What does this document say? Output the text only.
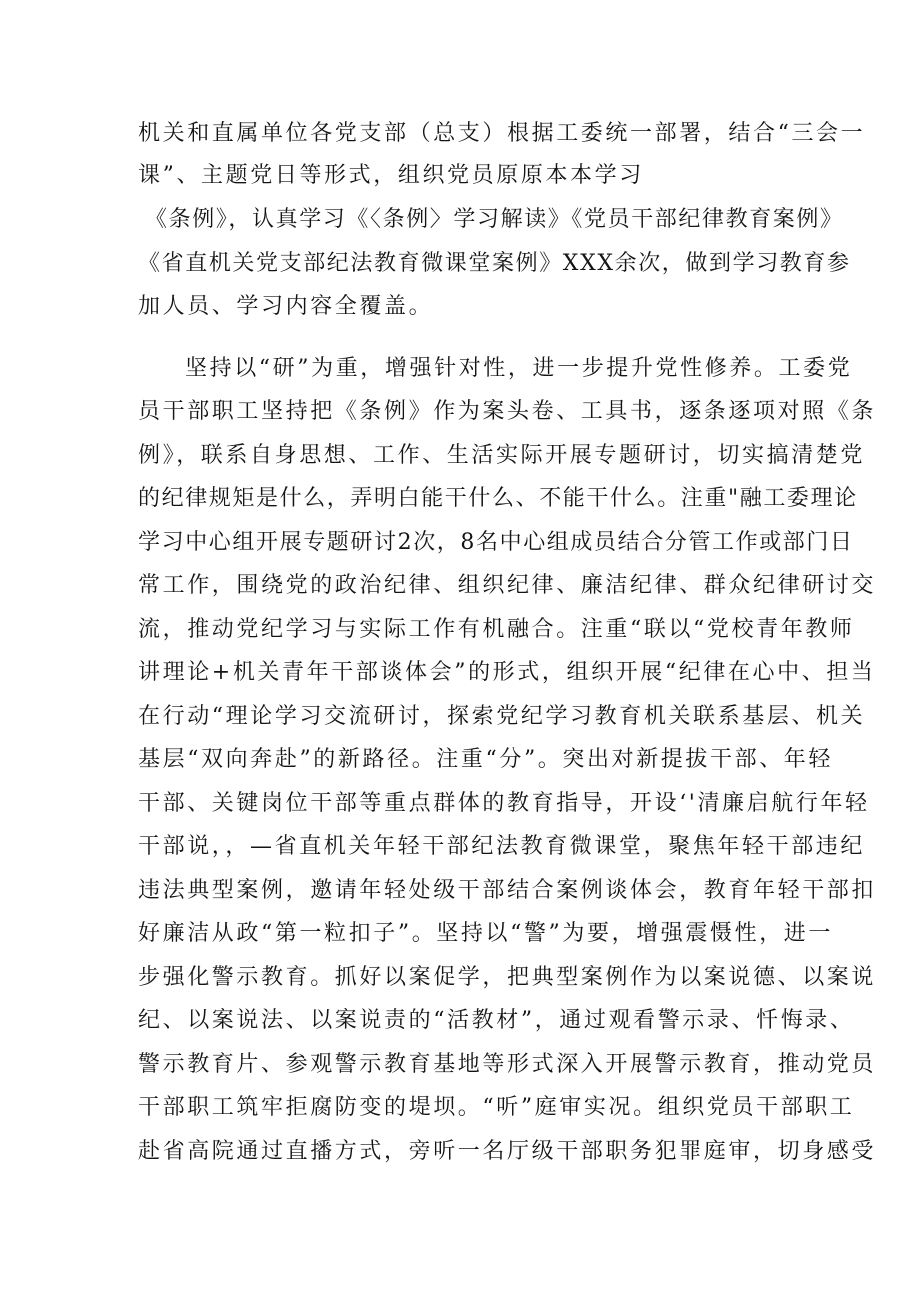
机关和直属单位各党支部（总支）根据工委统一部署，结合“三会一
课”、主题党日等形式，组织党员原原本本学习
《条例》，认真学习《〈条例〉学习解读》《党员干部纪律教育案例》
《省直机关党支部纪法教育微课堂案例》XXX余次，做到学习教育参
加人员、学习内容全覆盖。
坚持以“研”为重，增强针对性，进一步提升党性修养。工委党
员干部职工坚持把《条例》作为案头卷、工具书，逐条逐项对照《条
例》，联系自身思想、工作、生活实际开展专题研讨，切实搞清楚党
的纪律规矩是什么，弄明白能干什么、不能干什么。注重"融工委理论
学习中心组开展专题研讨2次，8名中心组成员结合分管工作或部门日
常工作，围绕党的政治纪律、组织纪律、廉洁纪律、群众纪律研讨交
流，推动党纪学习与实际工作有机融合。注重“联以“党校青年教师
讲理论+机关青年干部谈体会”的形式，组织开展“纪律在心中、担当
在行动“理论学习交流研讨，探索党纪学习教育机关联系基层、机关
基层“双向奔赴”的新路径。注重“分”。突出对新提拔干部、年轻
干部、关键岗位干部等重点群体的教育指导，开设‘'清廉启航行年轻
干部说，，—省直机关年轻干部纪法教育微课堂，聚焦年轻干部违纪
违法典型案例，邀请年轻处级干部结合案例谈体会，教育年轻干部扣
好廉洁从政“第一粒扣子”。坚持以“警”为要，增强震慑性，进一
步强化警示教育。抓好以案促学，把典型案例作为以案说德、以案说
纪、以案说法、以案说责的“活教材”，通过观看警示录、忏悔录、
警示教育片、参观警示教育基地等形式深入开展警示教育，推动党员
干部职工筑牢拒腐防变的堤坝。“听”庭审实况。组织党员干部职工
赴省高院通过直播方式，旁听一名厅级干部职务犯罪庭审，切身感受
